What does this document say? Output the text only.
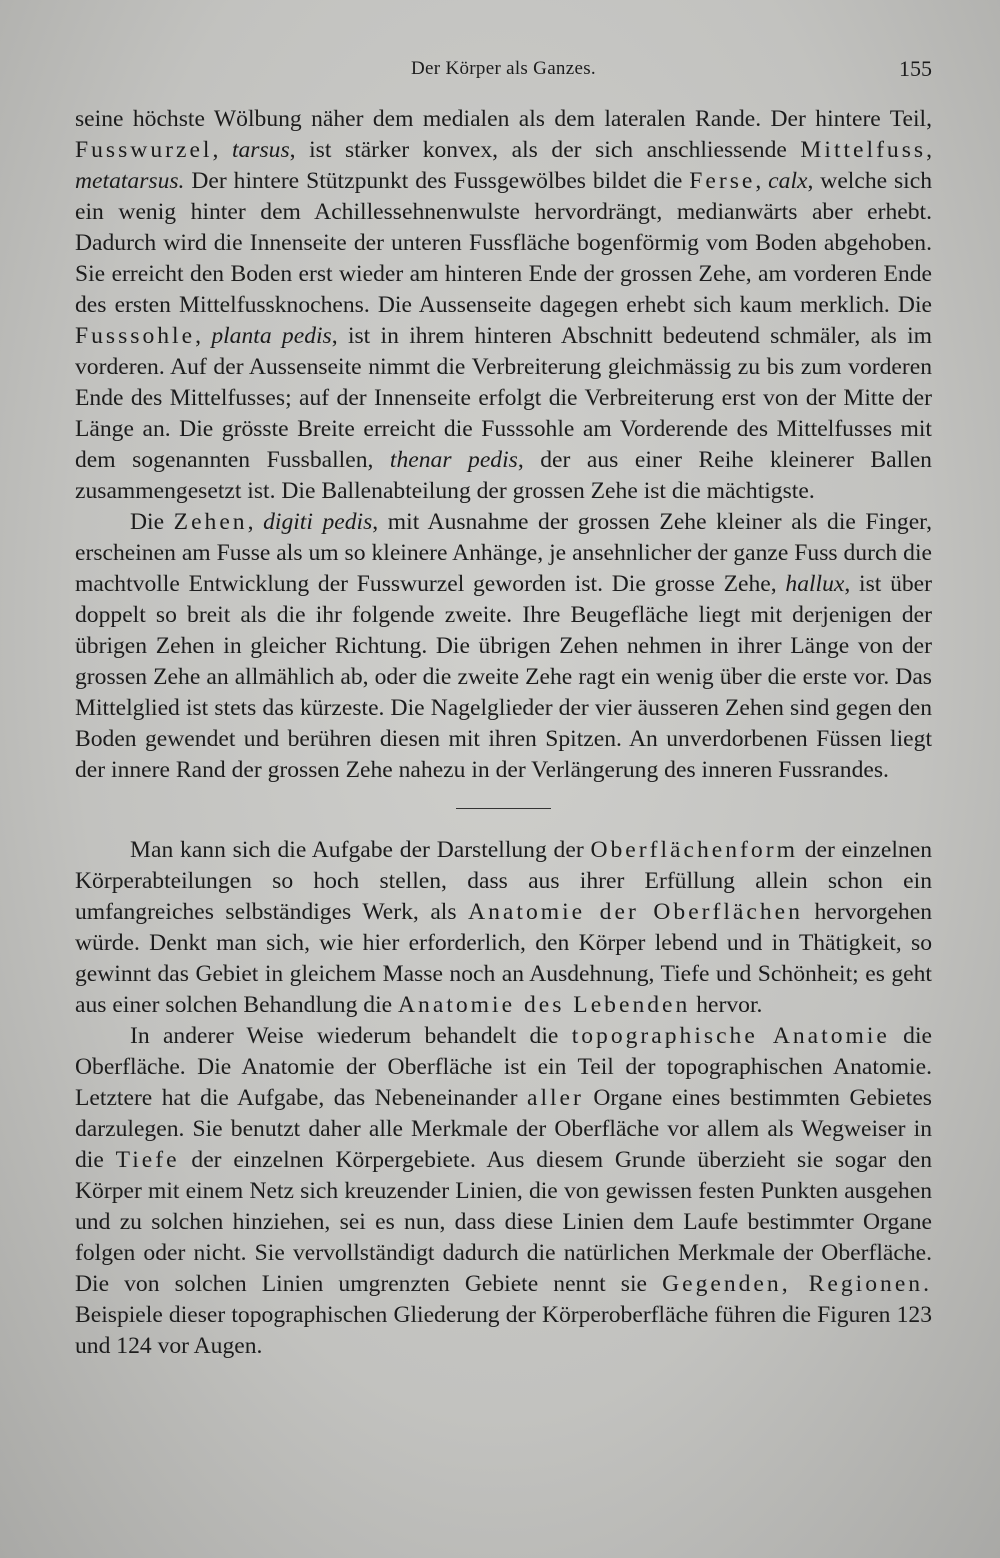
Der Körper als Ganzes.	155

seine höchste Wölbung näher dem medialen als dem lateralen Rande. Der hintere Teil, Fusswurzel, tarsus, ist stärker konvex, als der sich anschliessende Mittelfuss, metatarsus. Der hintere Stützpunkt des Fussgewölbes bildet die Ferse, calx, welche sich ein wenig hinter dem Achillessehnenwulste hervordrängt, medianwärts aber erhebt. Dadurch wird die Innenseite der unteren Fussfläche bogenförmig vom Boden abgehoben. Sie erreicht den Boden erst wieder am hinteren Ende der grossen Zehe, am vorderen Ende des ersten Mittelfussknochens. Die Aussenseite dagegen erhebt sich kaum merklich. Die Fusssohle, planta pedis, ist in ihrem hinteren Abschnitt bedeutend schmäler, als im vorderen. Auf der Aussenseite nimmt die Verbreiterung gleichmässig zu bis zum vorderen Ende des Mittelfusses; auf der Innenseite erfolgt die Verbreiterung erst von der Mitte der Länge an. Die grösste Breite erreicht die Fusssohle am Vorderende des Mittelfusses mit dem sogenannten Fussballen, thenar pedis, der aus einer Reihe kleinerer Ballen zusammengesetzt ist. Die Ballenabteilung der grossen Zehe ist die mächtigste.

Die Zehen, digiti pedis, mit Ausnahme der grossen Zehe kleiner als die Finger, erscheinen am Fusse als um so kleinere Anhänge, je ansehnlicher der ganze Fuss durch die machtvolle Entwicklung der Fusswurzel geworden ist. Die grosse Zehe, hallux, ist über doppelt so breit als die ihr folgende zweite. Ihre Beugefläche liegt mit derjenigen der übrigen Zehen in gleicher Richtung. Die übrigen Zehen nehmen in ihrer Länge von der grossen Zehe an allmählich ab, oder die zweite Zehe ragt ein wenig über die erste vor. Das Mittelglied ist stets das kürzeste. Die Nagelglieder der vier äusseren Zehen sind gegen den Boden gewendet und berühren diesen mit ihren Spitzen. An unverdorbenen Füssen liegt der innere Rand der grossen Zehe nahezu in der Verlängerung des inneren Fussrandes.

Man kann sich die Aufgabe der Darstellung der Oberflächenform der einzelnen Körperabteilungen so hoch stellen, dass aus ihrer Erfüllung allein schon ein umfangreiches selbständiges Werk, als Anatomie der Oberflächen hervorgehen würde. Denkt man sich, wie hier erforderlich, den Körper lebend und in Thätigkeit, so gewinnt das Gebiet in gleichem Masse noch an Ausdehnung, Tiefe und Schönheit; es geht aus einer solchen Behandlung die Anatomie des Lebenden hervor.

In anderer Weise wiederum behandelt die topographische Anatomie die Oberfläche. Die Anatomie der Oberfläche ist ein Teil der topographischen Anatomie. Letztere hat die Aufgabe, das Nebeneinander aller Organe eines bestimmten Gebietes darzulegen. Sie benutzt daher alle Merkmale der Oberfläche vor allem als Wegweiser in die Tiefe der einzelnen Körpergebiete. Aus diesem Grunde überzieht sie sogar den Körper mit einem Netz sich kreuzender Linien, die von gewissen festen Punkten ausgehen und zu solchen hinziehen, sei es nun, dass diese Linien dem Laufe bestimmter Organe folgen oder nicht. Sie vervollständigt dadurch die natürlichen Merkmale der Oberfläche. Die von solchen Linien umgrenzten Gebiete nennt sie Gegenden, Regionen. Beispiele dieser topographischen Gliederung der Körperoberfläche führen die Figuren 123 und 124 vor Augen.
